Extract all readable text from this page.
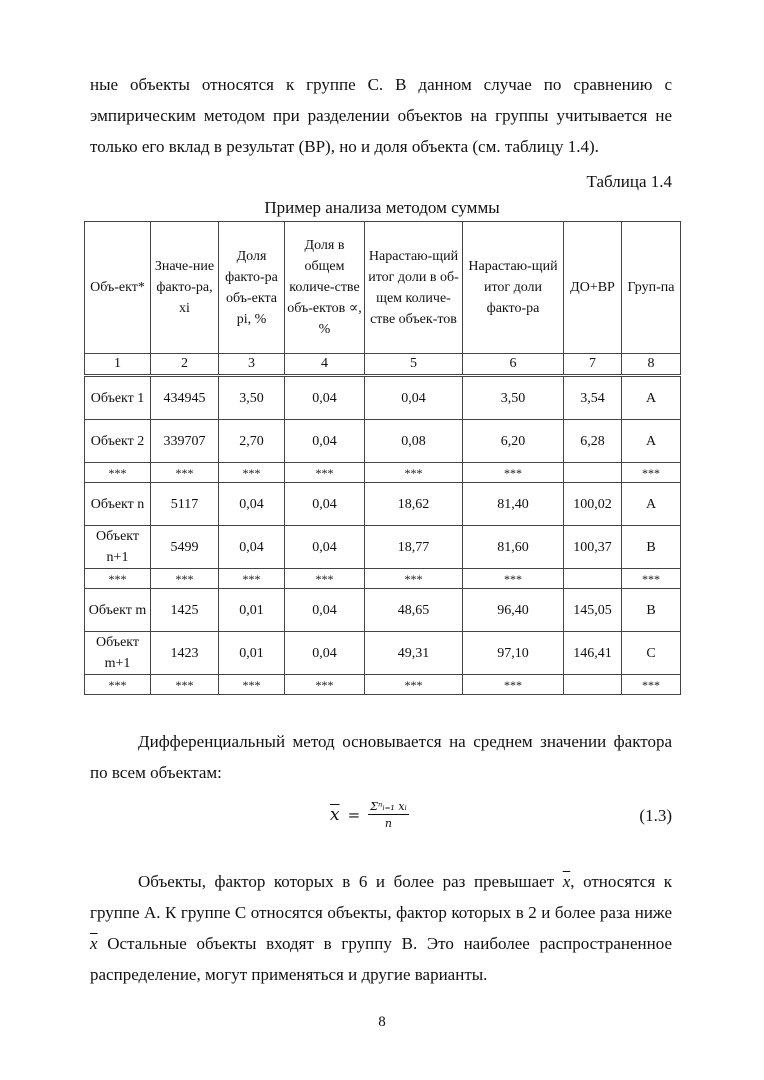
ные объекты относятся к группе С. В данном случае по сравнению с эмпирическим методом при разделении объектов на группы учитывается не только его вклад в результат (ВР), но и доля объекта (см. таблицу 1.4).

Таблица 1.4
Пример анализа методом суммы
Объ-ект*	Значе-ние факто-ра, xi	Доля факто-ра объ-екта pi, %	Доля в общем количе-стве объ-ектов ∝, %	Нарастаю-щий итог доли в об-щем количе-стве объек-тов	Нарастаю-щий итог доли факто-ра	ДО+ВР	Груп-па
1	2	3	4	5	6	7	8
Объект 1	434945	3,50	0,04	0,04	3,50	3,54	А
Объект 2	339707	2,70	0,04	0,08	6,20	6,28	А
***	***	***	***	***	***		***
Объект n	5117	0,04	0,04	18,62	81,40	100,02	А
Объект n+1	5499	0,04	0,04	18,77	81,60	100,37	В
***	***	***	***	***	***		***
Объект m	1425	0,01	0,04	48,65	96,40	145,05	В
Объект m+1	1423	0,01	0,04	49,31	97,10	146,41	С
***	***	***	***	***	***		***

Дифференциальный метод основывается на среднем значении фактора по всем объектам:

$\overline{x} = \frac{\text{Σⁿᵢ₌₁ xᵢ}}{n}$	(1.3)

Объекты, фактор которых в 6 и более раз превышает $\overline{x}$, относятся к группе А. К группе С относятся объекты, фактор которых в 2 и более раза ниже $\overline{x}$ Остальные объекты входят в группу В. Это наиболее распространенное распределение, могут применяться и другие варианты.

8
